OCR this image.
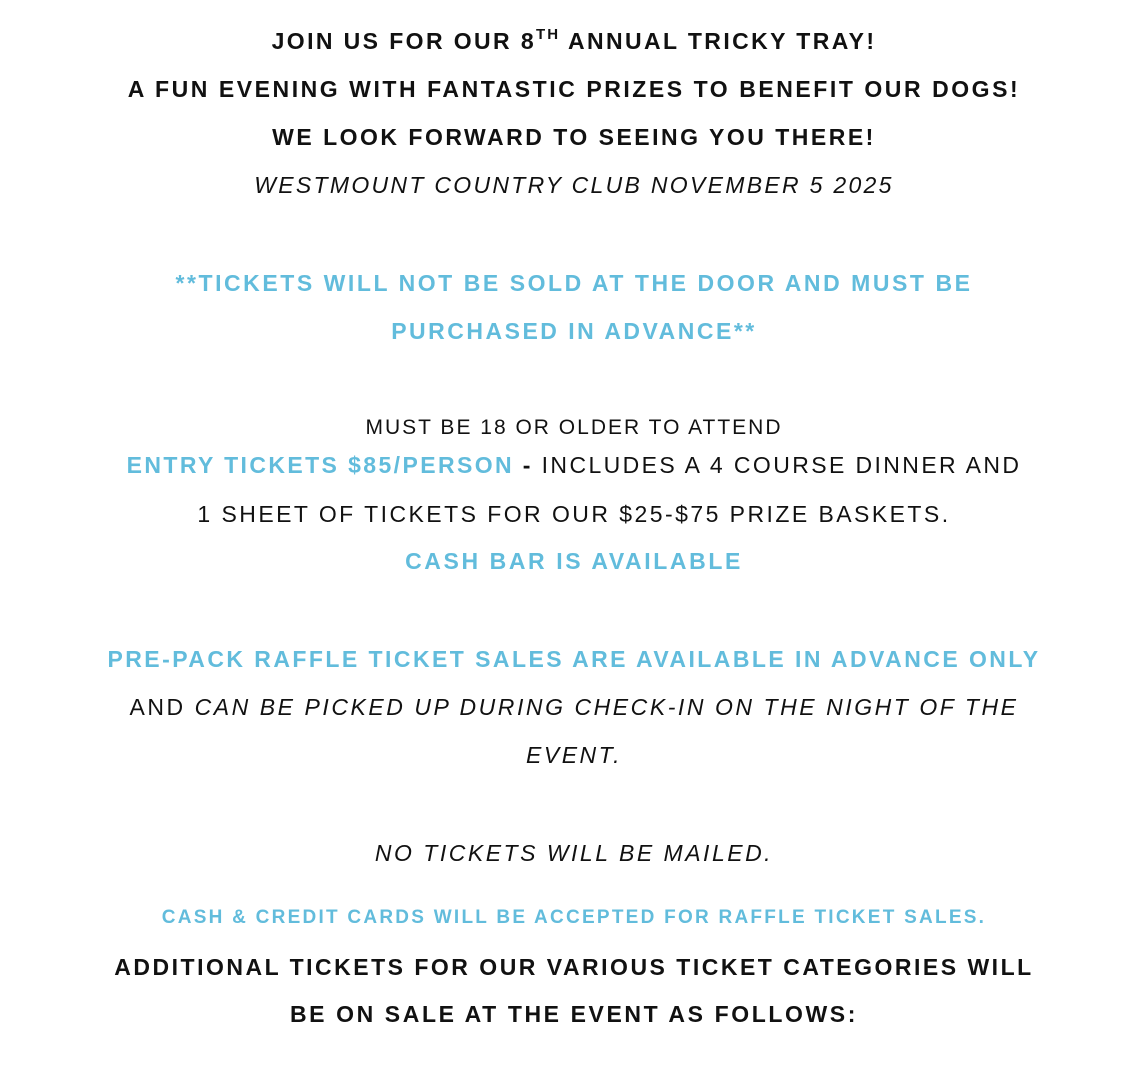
JOIN US FOR OUR 8TH ANNUAL TRICKY TRAY!
A FUN EVENING WITH FANTASTIC PRIZES TO BENEFIT OUR DOGS!
WE LOOK FORWARD TO SEEING YOU THERE!
WESTMOUNT COUNTRY CLUB NOVEMBER 5 2025
**TICKETS WILL NOT BE SOLD AT THE DOOR AND MUST BE
PURCHASED IN ADVANCE**
MUST BE 18 OR OLDER TO ATTEND
ENTRY TICKETS $85/PERSON - INCLUDES A 4 COURSE DINNER AND
1 SHEET OF TICKETS FOR OUR $25-$75 PRIZE BASKETS.
CASH BAR IS AVAILABLE
PRE-PACK RAFFLE TICKET SALES ARE AVAILABLE IN ADVANCE ONLY
AND CAN BE PICKED UP DURING CHECK-IN ON THE NIGHT OF THE
EVENT.
NO TICKETS WILL BE MAILED.
CASH & CREDIT CARDS WILL BE ACCEPTED FOR RAFFLE TICKET SALES.
ADDITIONAL TICKETS FOR OUR VARIOUS TICKET CATEGORIES WILL
BE ON SALE AT THE EVENT AS FOLLOWS:
